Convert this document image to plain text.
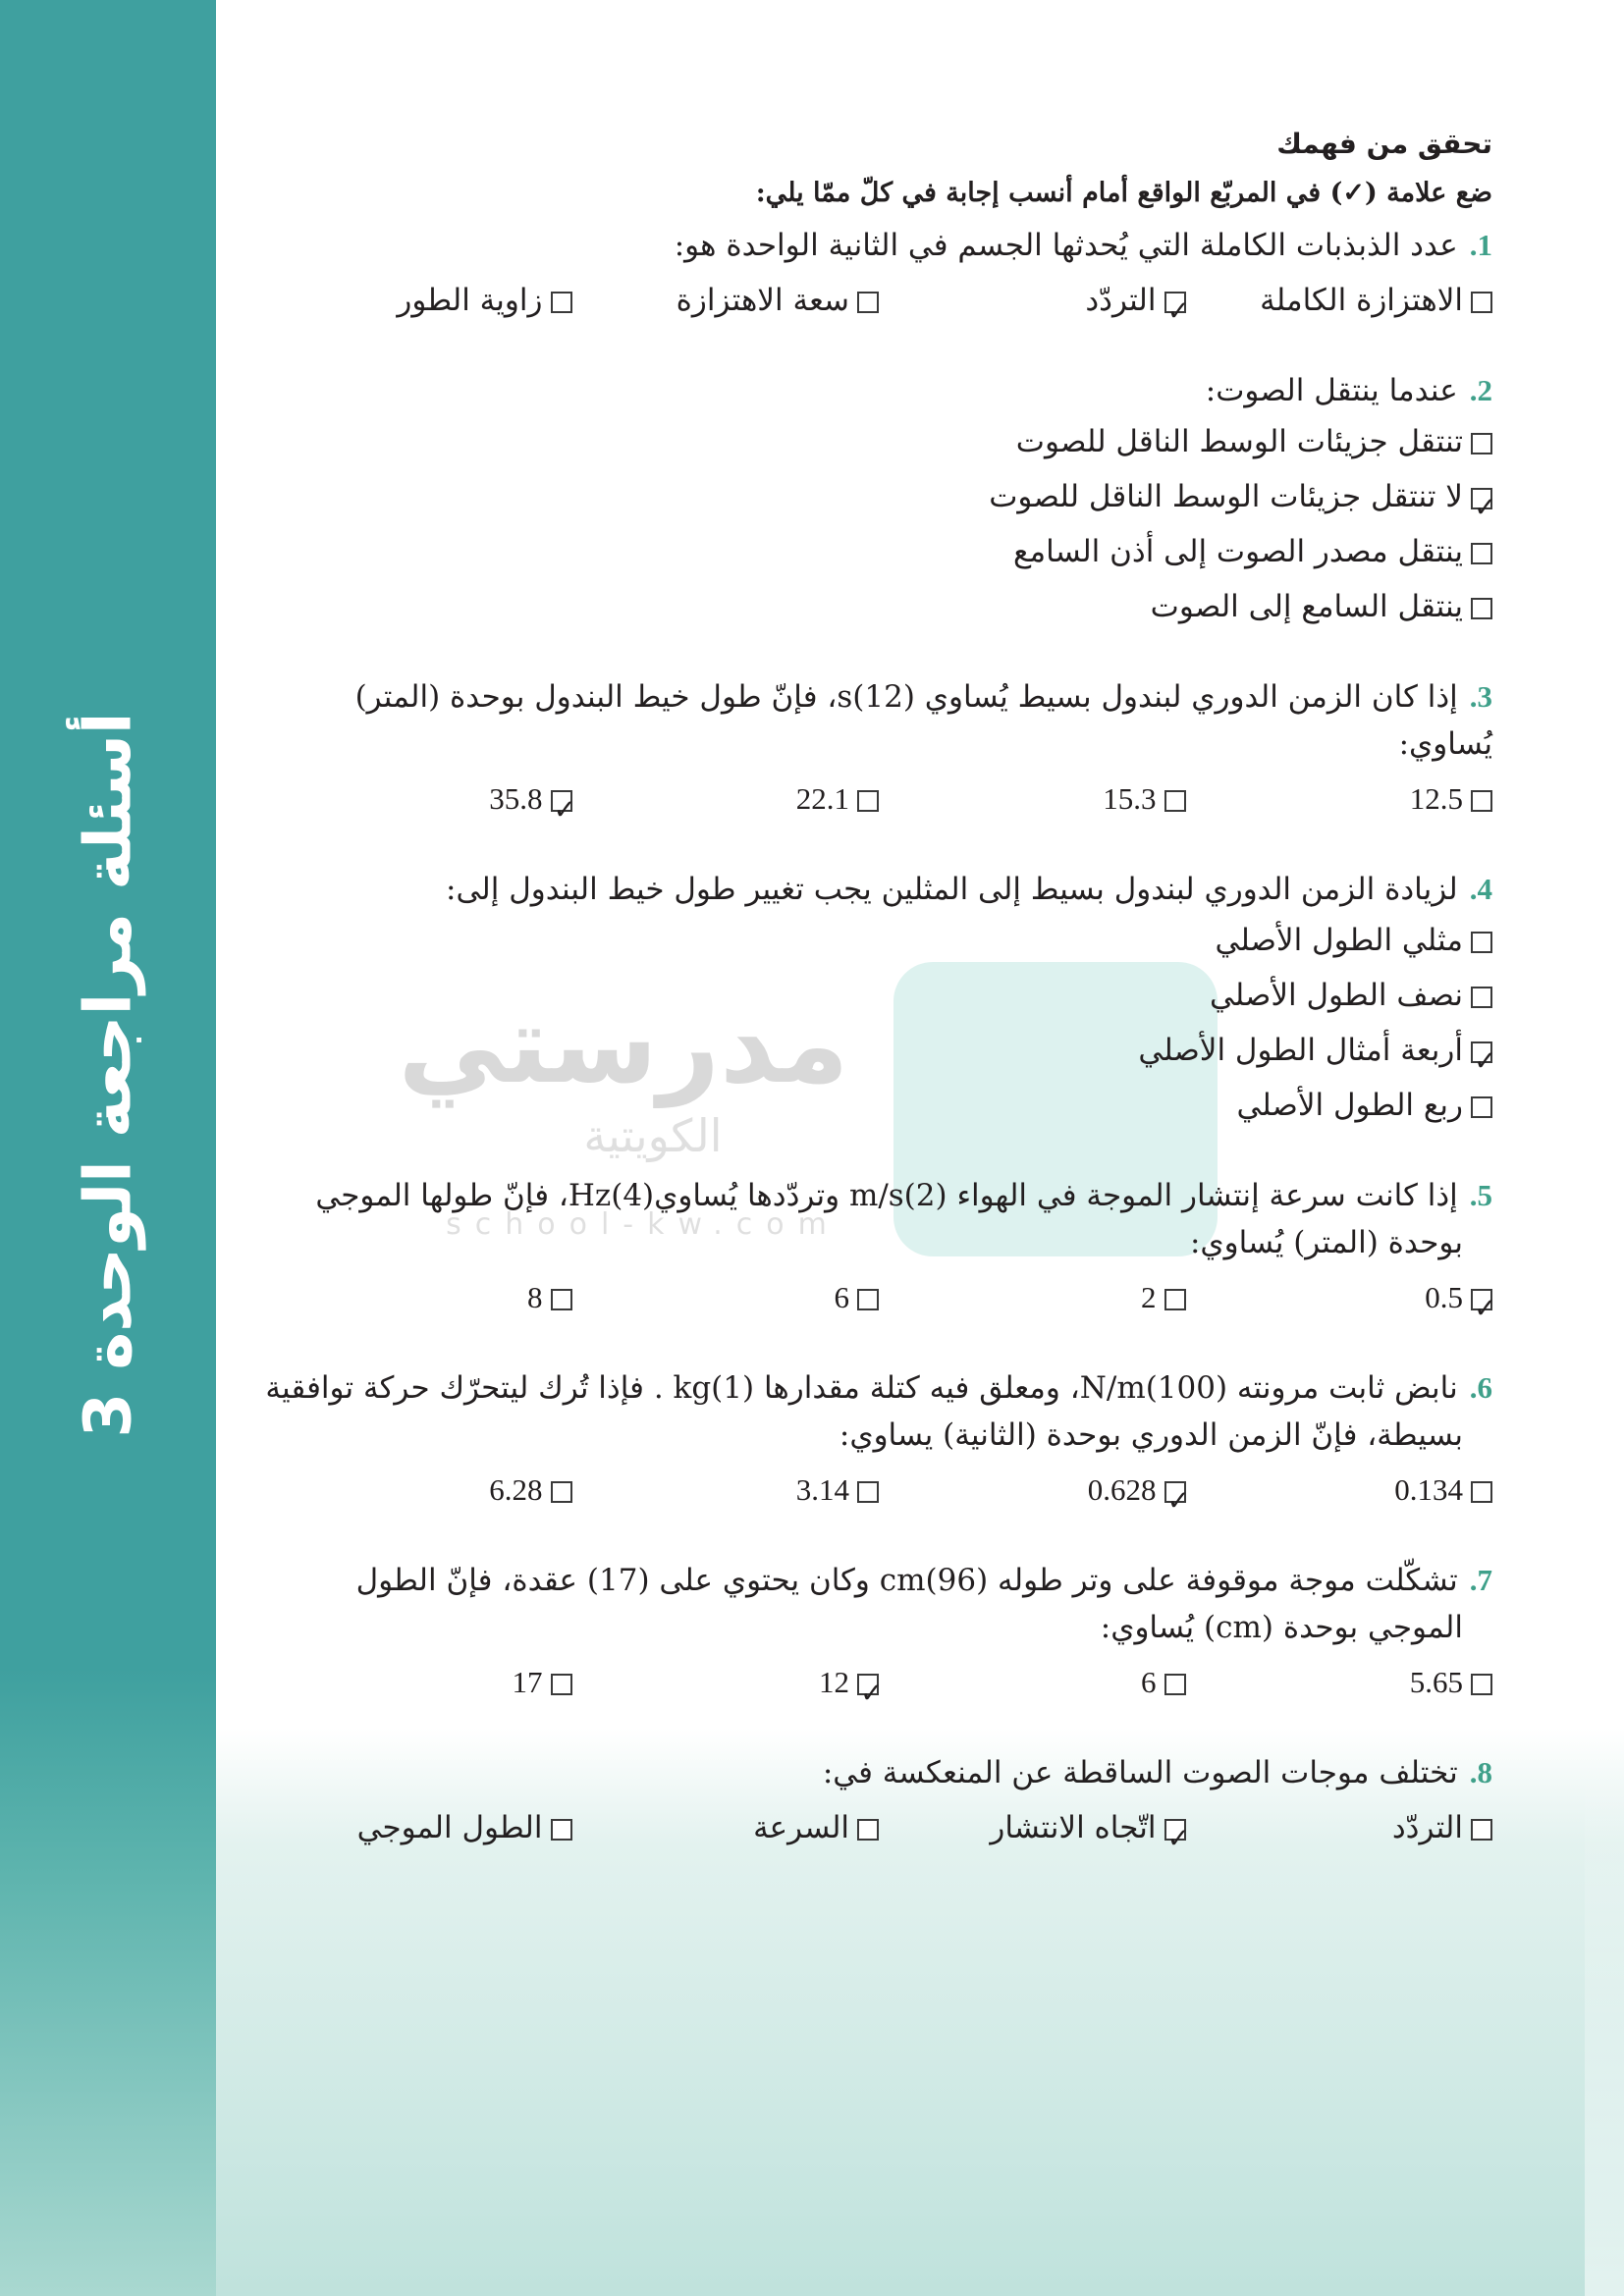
أسئلة مراجعة الوحدة 3
تحقق من فهمك
ضع علامة (✓) في المربّع الواقع أمام أنسب إجابة في كلّ ممّا يلي:
1.عدد الذبذبات الكاملة التي يُحدثها الجسم في الثانية الواحدة هو:
الاهتزازة الكاملة
✓التردّد
سعة الاهتزازة
زاوية الطور
2.عندما ينتقل الصوت:
تنتقل جزيئات الوسط الناقل للصوت
✓لا تنتقل جزيئات الوسط الناقل للصوت
ينتقل مصدر الصوت إلى أذن السامع
ينتقل السامع إلى الصوت
3.إذا كان الزمن الدوري لبندول بسيط يُساوي s(12)، فإنّ طول خيط البندول بوحدة (المتر) يُساوي:
12.5
15.3
22.1
✓35.8
4.لزيادة الزمن الدوري لبندول بسيط إلى المثلين يجب تغيير طول خيط البندول إلى:
مثلي الطول الأصلي
نصف الطول الأصلي
✓أربعة أمثال الطول الأصلي
ربع الطول الأصلي
5.إذا كانت سرعة إنتشار الموجة في الهواء m/s(2) وتردّدها يُساويHz(4)، فإنّ طولها الموجي
بوحدة (المتر) يُساوي:
✓0.5
2
6
8
6.نابض ثابت مرونته N/m(100)، ومعلق فيه كتلة مقدارها kg(1) . فإذا تُرك ليتحرّك حركة توافقية
بسيطة، فإنّ الزمن الدوري بوحدة (الثانية) يساوي:
0.134
✓0.628
3.14
6.28
7.تشكّلت موجة موقوفة على وتر طوله cm(96) وكان يحتوي على (17) عقدة، فإنّ الطول
الموجي بوحدة (cm) يُساوي:
5.65
6
✓12
17
8.تختلف موجات الصوت الساقطة عن المنعكسة في:
التردّد
✓اتّجاه الانتشار
السرعة
الطول الموجي
